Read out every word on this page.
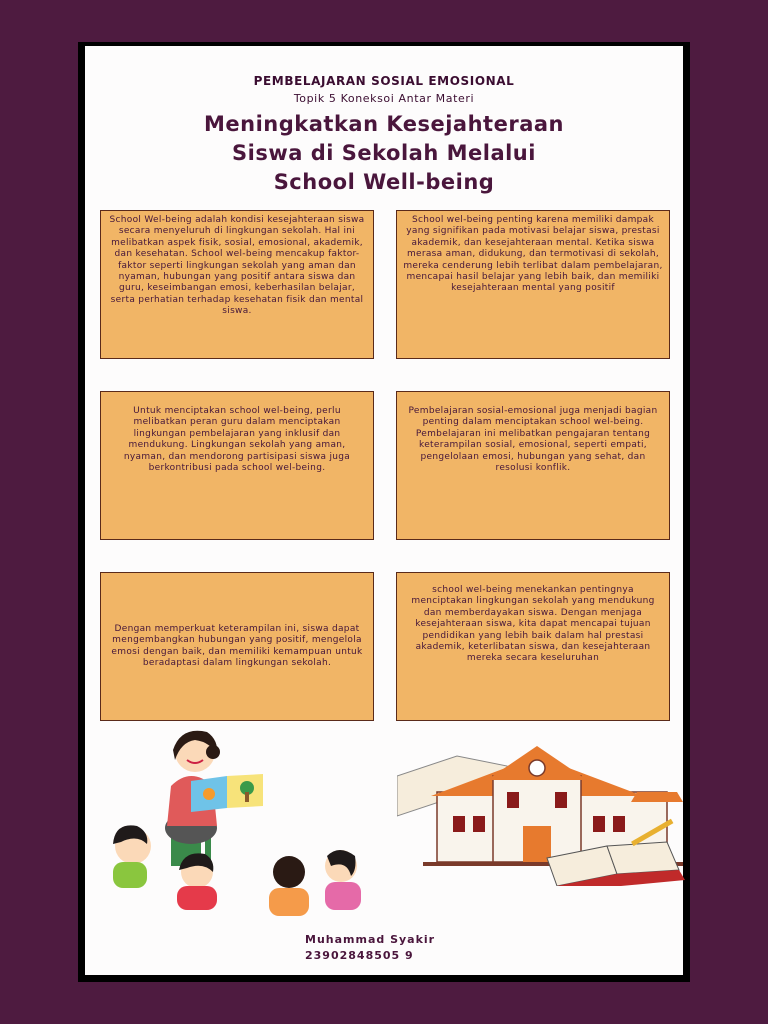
PEMBELAJARAN SOSIAL EMOSIONAL
Topik 5 Koneksoi Antar Materi
Meningkatkan Kesejahteraan
Siswa di Sekolah Melalui
School Well-being

School Wel-being adalah kondisi kesejahteraan siswa secara menyeluruh di lingkungan sekolah. Hal ini melibatkan aspek fisik, sosial, emosional, akademik, dan kesehatan. School wel-being mencakup faktor-faktor seperti lingkungan sekolah yang aman dan nyaman, hubungan yang positif antara siswa dan guru, keseimbangan emosi, keberhasilan belajar, serta perhatian terhadap kesehatan fisik dan mental siswa.

School wel-being penting karena memiliki dampak yang signifikan pada motivasi belajar siswa, prestasi akademik, dan kesejahteraan mental. Ketika siswa merasa aman, didukung, dan termotivasi di sekolah, mereka cenderung lebih terlibat dalam pembelajaran, mencapai hasil belajar yang lebih baik, dan memiliki kesejahteraan mental yang positif

Untuk menciptakan school wel-being, perlu melibatkan peran guru dalam menciptakan lingkungan pembelajaran yang inklusif dan mendukung. Lingkungan sekolah yang aman, nyaman, dan mendorong partisipasi siswa juga berkontribusi pada school wel-being.

Pembelajaran sosial-emosional juga menjadi bagian penting dalam menciptakan school wel-being. Pembelajaran ini melibatkan pengajaran tentang keterampilan sosial, emosional, seperti empati, pengelolaan emosi, hubungan yang sehat, dan resolusi konflik.

Dengan memperkuat keterampilan ini, siswa dapat mengembangkan hubungan yang positif, mengelola emosi dengan baik, dan memiliki kemampuan untuk beradaptasi dalam lingkungan sekolah.

school wel-being menekankan pentingnya menciptakan lingkungan sekolah yang mendukung dan memberdayakan siswa. Dengan menjaga kesejahteraan siswa, kita dapat mencapai tujuan pendidikan yang lebih baik dalam hal prestasi akademik, keterlibatan siswa, dan kesejahteraan mereka secara keseluruhan

Muhammad Syakir
23902848505 9
